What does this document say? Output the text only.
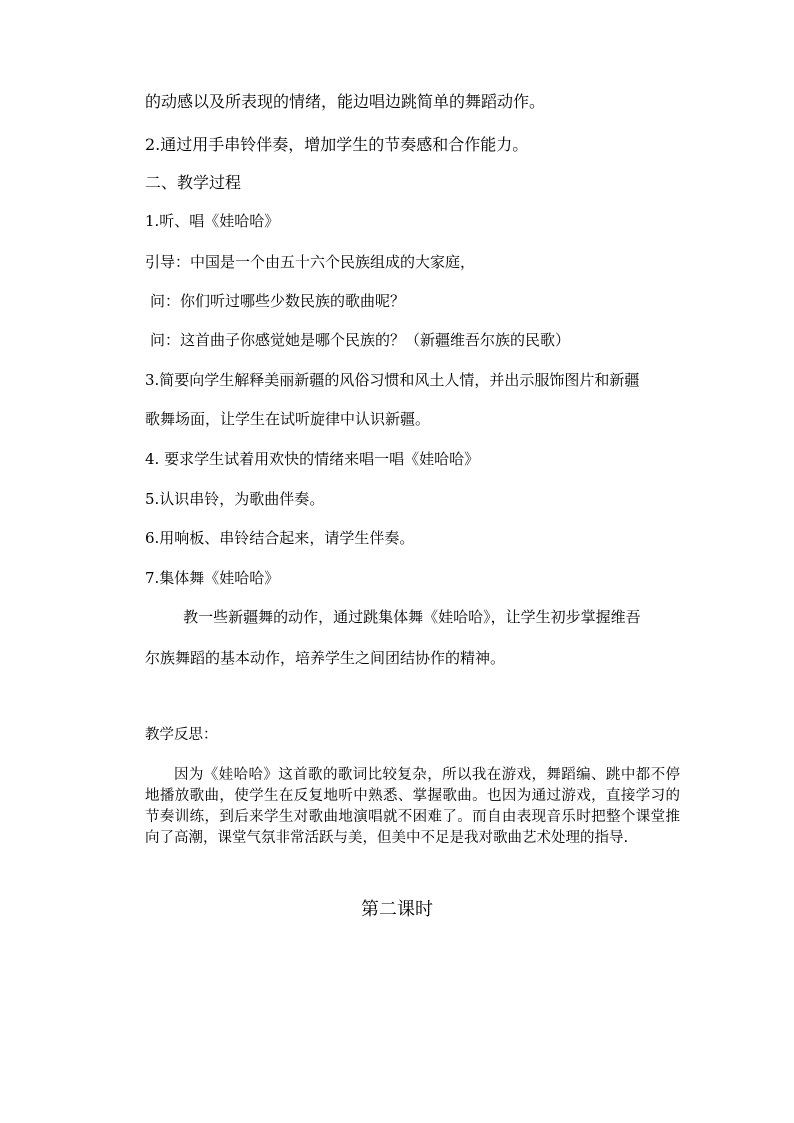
的动感以及所表现的情绪，能边唱边跳简单的舞蹈动作。
2.通过用手串铃伴奏，增加学生的节奏感和合作能力。
二、教学过程
1.听、唱《娃哈哈》
引导：中国是一个由五十六个民族组成的大家庭，
问：你们听过哪些少数民族的歌曲呢？
问：这首曲子你感觉她是哪个民族的？（新疆维吾尔族的民歌）
3.简要向学生解释美丽新疆的风俗习惯和风土人情，并出示服饰图片和新疆
歌舞场面，让学生在试听旋律中认识新疆。
4. 要求学生试着用欢快的情绪来唱一唱《娃哈哈》
5.认识串铃，为歌曲伴奏。
6.用响板、串铃结合起来，请学生伴奏。
7.集体舞《娃哈哈》
教一些新疆舞的动作，通过跳集体舞《娃哈哈》，让学生初步掌握维吾
尔族舞蹈的基本动作，培养学生之间团结协作的精神。
教学反思：
因为《娃哈哈》这首歌的歌词比较复杂，所以我在游戏，舞蹈编、跳中都不停地播放歌曲，使学生在反复地听中熟悉、掌握歌曲。也因为通过游戏，直接学习的节奏训练，到后来学生对歌曲地演唱就不困难了。而自由表现音乐时把整个课堂推向了高潮，课堂气氛非常活跃与美，但美中不足是我对歌曲艺术处理的指导.
第二课时
